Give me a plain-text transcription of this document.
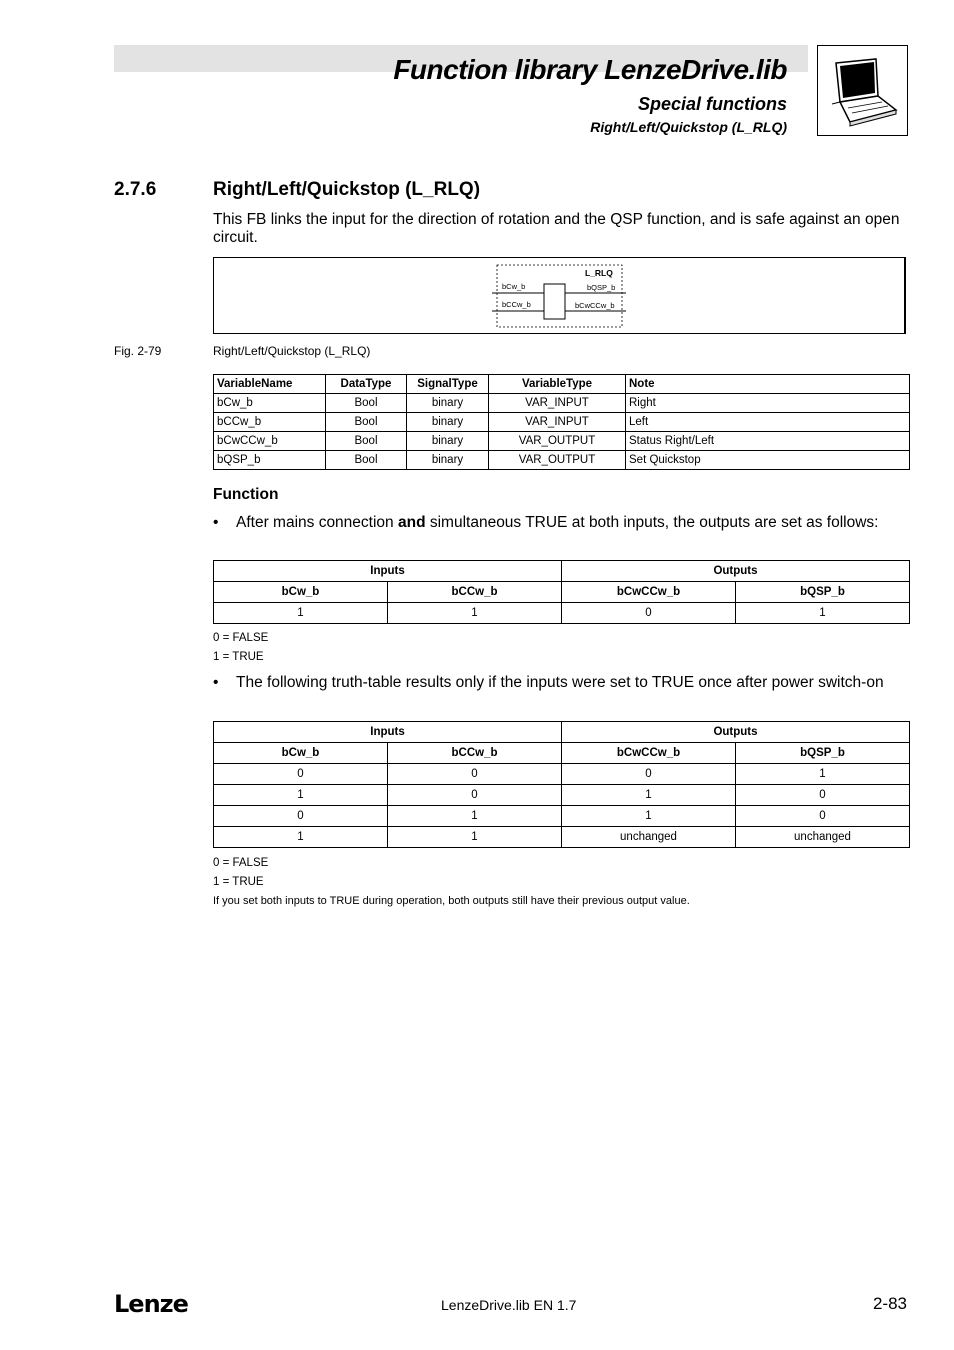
Function library LenzeDrive.lib
Special functions
Right/Left/Quickstop (L_RLQ)
2.7.6	Right/Left/Quickstop (L_RLQ)
This FB links the input for the direction of rotation and the QSP function, and is safe against an open circuit.
L_RLQ
bCw_b
bCCw_b
bQSP_b
bCwCCw_b
Fig. 2-79	Right/Left/Quickstop (L_RLQ)
VariableName	DataType	SignalType	VariableType	Note
bCw_b	Bool	binary	VAR_INPUT	Right
bCCw_b	Bool	binary	VAR_INPUT	Left
bCwCCw_b	Bool	binary	VAR_OUTPUT	Status Right/Left
bQSP_b	Bool	binary	VAR_OUTPUT	Set Quickstop
Function
• After mains connection and simultaneous TRUE at both inputs, the outputs are set as follows:
Inputs		Outputs	
bCw_b	bCCw_b	bCwCCw_b	bQSP_b
1	1	0	1
0 = FALSE
1 = TRUE
• The following truth-table results only if the inputs were set to TRUE once after power switch-on
Inputs		Outputs	
bCw_b	bCCw_b	bCwCCw_b	bQSP_b
0	0	0	1
1	0	1	0
0	1	1	0
1	1	unchanged	unchanged
0 = FALSE
1 = TRUE
If you set both inputs to TRUE during operation, both outputs still have their previous output value.
Lenze	LenzeDrive.lib EN 1.7	2-83
